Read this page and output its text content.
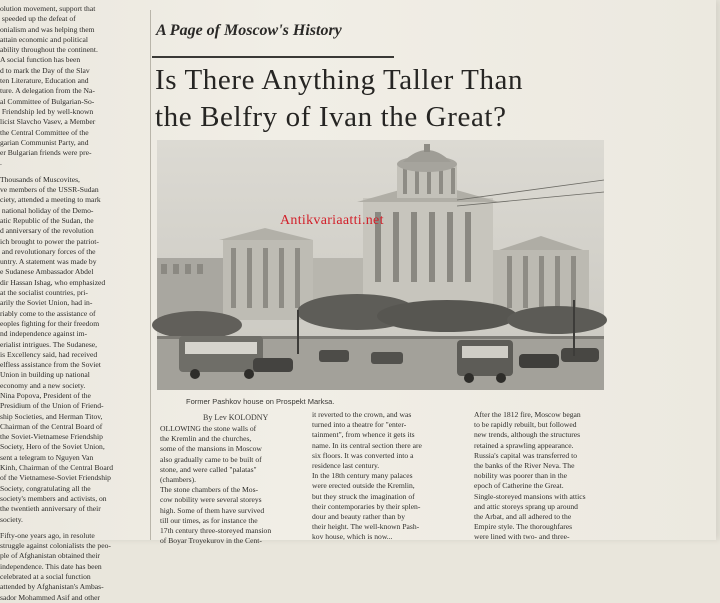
olution movement, support that

speeded up the defeat of

onialism and was helping them

attain economic and political

ability throughout the continent.

A social function has been

d to mark the Day of the Slav

ten Literature, Education and

ture. A delegation from the Na-

al Committee of Bulgarian-So-

Friendship led by well-known

licist Slavcho Vasev, a Member

the Central Committee of the

garian Communist Party, and

er Bulgarian friends were pre-

.

Thousands of Muscovites,

ve members of the USSR-Sudan

ciety, attended a meeting to mark

national holiday of the Demo-

atic Republic of the Sudan, the

d anniversary of the revolution

ich brought to power the patriot-

and revolutionary forces of the

untry. A statement was made by

e Sudanese Ambassador Abdel

dir Hassan Ishag, who emphasized

at the socialist countries, pri-

arily the Soviet Union, had in-

riably come to the assistance of

eoples fighting for their freedom

nd independence against im-

erialist intrigues. The Sudanese,

is Excellency said, had received

elfless assistance from the Soviet

Union in building up national

economy and a new society.

Nina Popova, President of the

Presidium of the Union of Friend-

ship Societies, and Herman Titov,

Chairman of the Central Board of

the Soviet-Vietnamese Friendship

Society, Hero of the Soviet Union,

sent a telegram to Nguyen Van

Kinh, Chairman of the Central Board

of the Vietnamese-Soviet Friendship

Society, congratulating all the

society's members and activists, on

the twentieth anniversary of their

society.

Fifty-one years ago, in resolute

struggle against colonialists the peo-

ple of Afghanistan obtained their

independence. This date has been

celebrated at a social function

attended by Afghanistan's Ambas-

sador Mohammed Asif and other

A Page of Moscow's History
Is There Anything Taller Than
the Belfry of Ivan the Great?
Antikvariaatti.net
Former Pashkov house on Prospekt Marksa.
By Lev KOLODNY

OLLOWING the stone walls of

the Kremlin and the churches,

some of the mansions in Moscow

also gradually came to be built of

stone, and were called "palatas"

(chambers).

The stone chambers of the Mos-

cow nobility were several storeys

high. Some of them have survived

till our times, as for instance the

17th century three-storeyed mansion

of Boyar Troyekurov in the Cent-

it reverted to the crown, and was

turned into a theatre for "enter-

tainment", from whence it gets its

name. In its central section there are

six floors. It was converted into a

residence last century.

In the 18th century many palaces

were erected outside the Kremlin,

but they struck the imagination of

their contemporaries by their splen-

dour and beauty rather than by

their height. The well-known Pash-

kov house, which is now...

After the 1812 fire, Moscow began

to be rapidly rebuilt, but followed

new trends, although the structures

retained a sprawling appearance.

Russia's capital was transferred to

the banks of the River Neva. The

nobility was poorer than in the

epoch of Catherine the Great.

Single-storeyed mansions with attics

and attic storeys sprang up around

the Arbat, and all adhered to the

Empire style. The thoroughfares

were lined with two- and three-
